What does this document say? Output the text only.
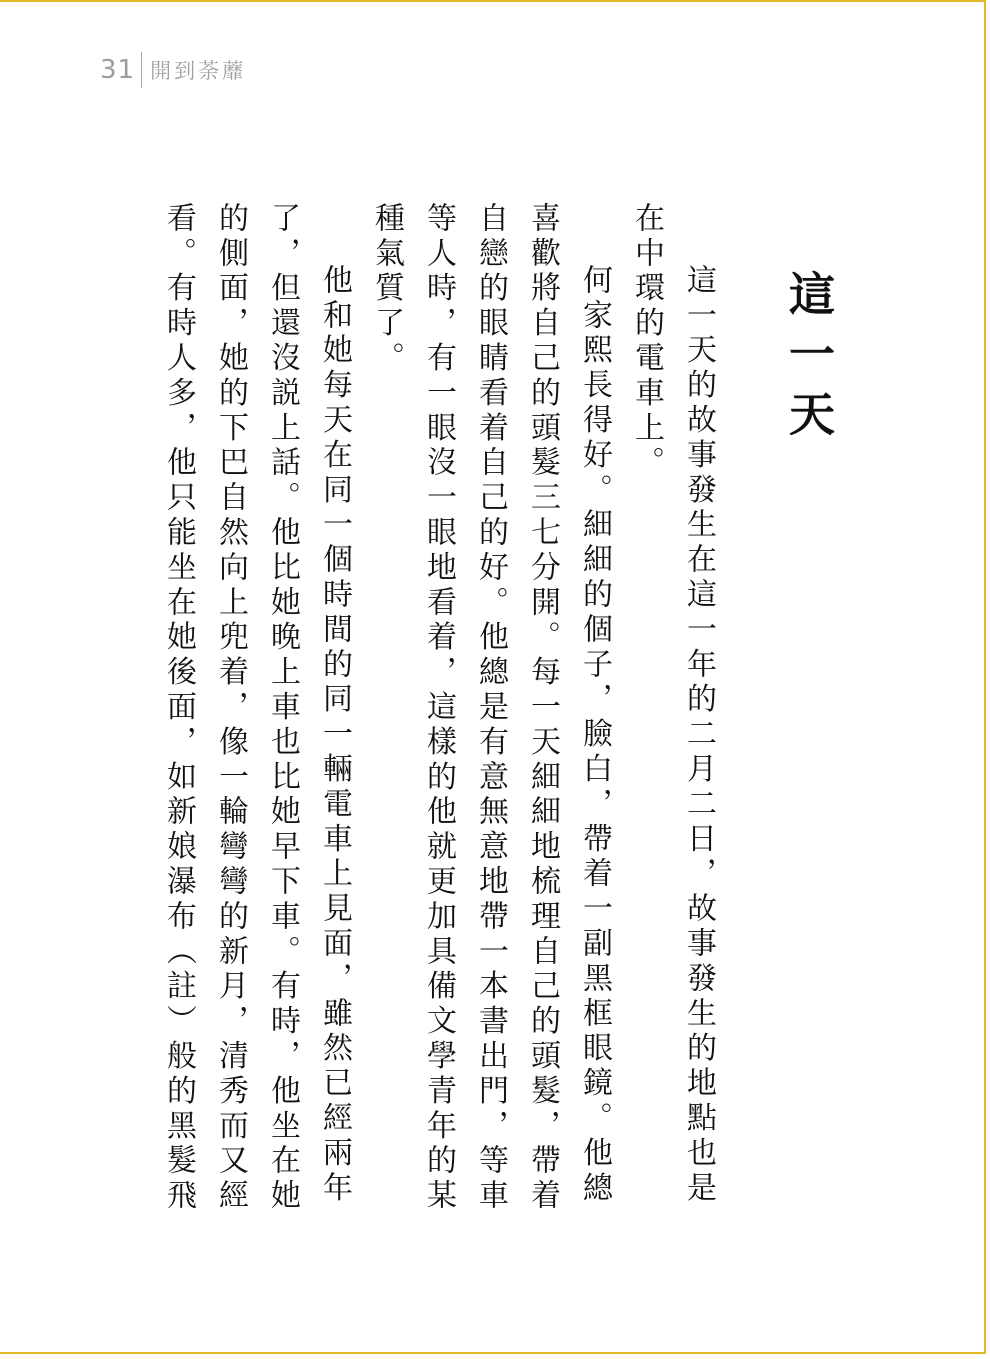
31 開到荼蘼
這一天
這一天的故事發生在這一年的二月二日，故事發生的地點也是
在中環的電車上。
何家熙長得好。細細的個子，臉白，帶着一副黑框眼鏡。他總
喜歡將自己的頭髮三七分開。每一天細細地梳理自己的頭髮，帶着
自戀的眼睛看着自己的好。他總是有意無意地帶一本書出門，等車
等人時，有一眼沒一眼地看着，這樣的他就更加具備文學青年的某
種氣質了。
他和她每天在同一個時間的同一輛電車上見面，雖然已經兩年
了，但還沒説上話。他比她晚上車也比她早下車。有時，他坐在她
的側面，她的下巴自然向上兜着，像一輪彎彎的新月，清秀而又經
看。有時人多，他只能坐在她後面，如新娘瀑布（註）般的黑髮飛
